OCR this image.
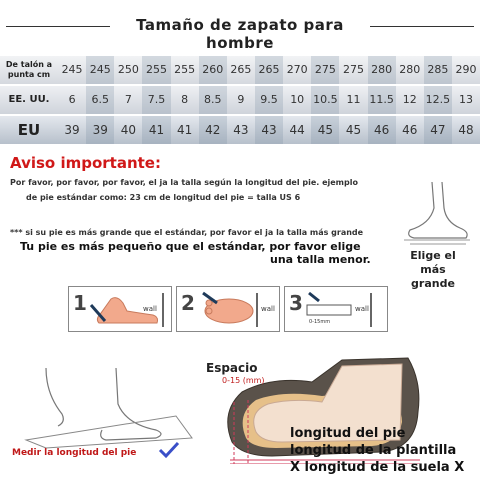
Tamaño de zapato para hombre
De talón a punta cm	245 245 250 255 255 260 265 265 270 275 275 280 280 285 290
EE. UU.	6	6.5	7	7.5	8	8.5	9	9.5	10 10.5 11 11.5 12 12.5 13
EU	39	39	40	41	41	42	43	43	44	45	45	46	46	47	48
Aviso importante:
Por favor, por favor, por favor, el ja la talla según la longitud del pie. ejemplo
de pie estándar como: 23 cm de longitud del pie = talla US 6
*** si su pie es más grande que el estándar, por favor el ja la talla más grande
Tu pie es más pequeño que el estándar, por favor elige
una talla menor.	Elige el más grande
1	wall 2	wall 3
0-15mm
wall
Medir la longitud del pie
Espacio
0-15 (mm)
longitud del pie
longitud de la plantilla
X longitud de la suela X
